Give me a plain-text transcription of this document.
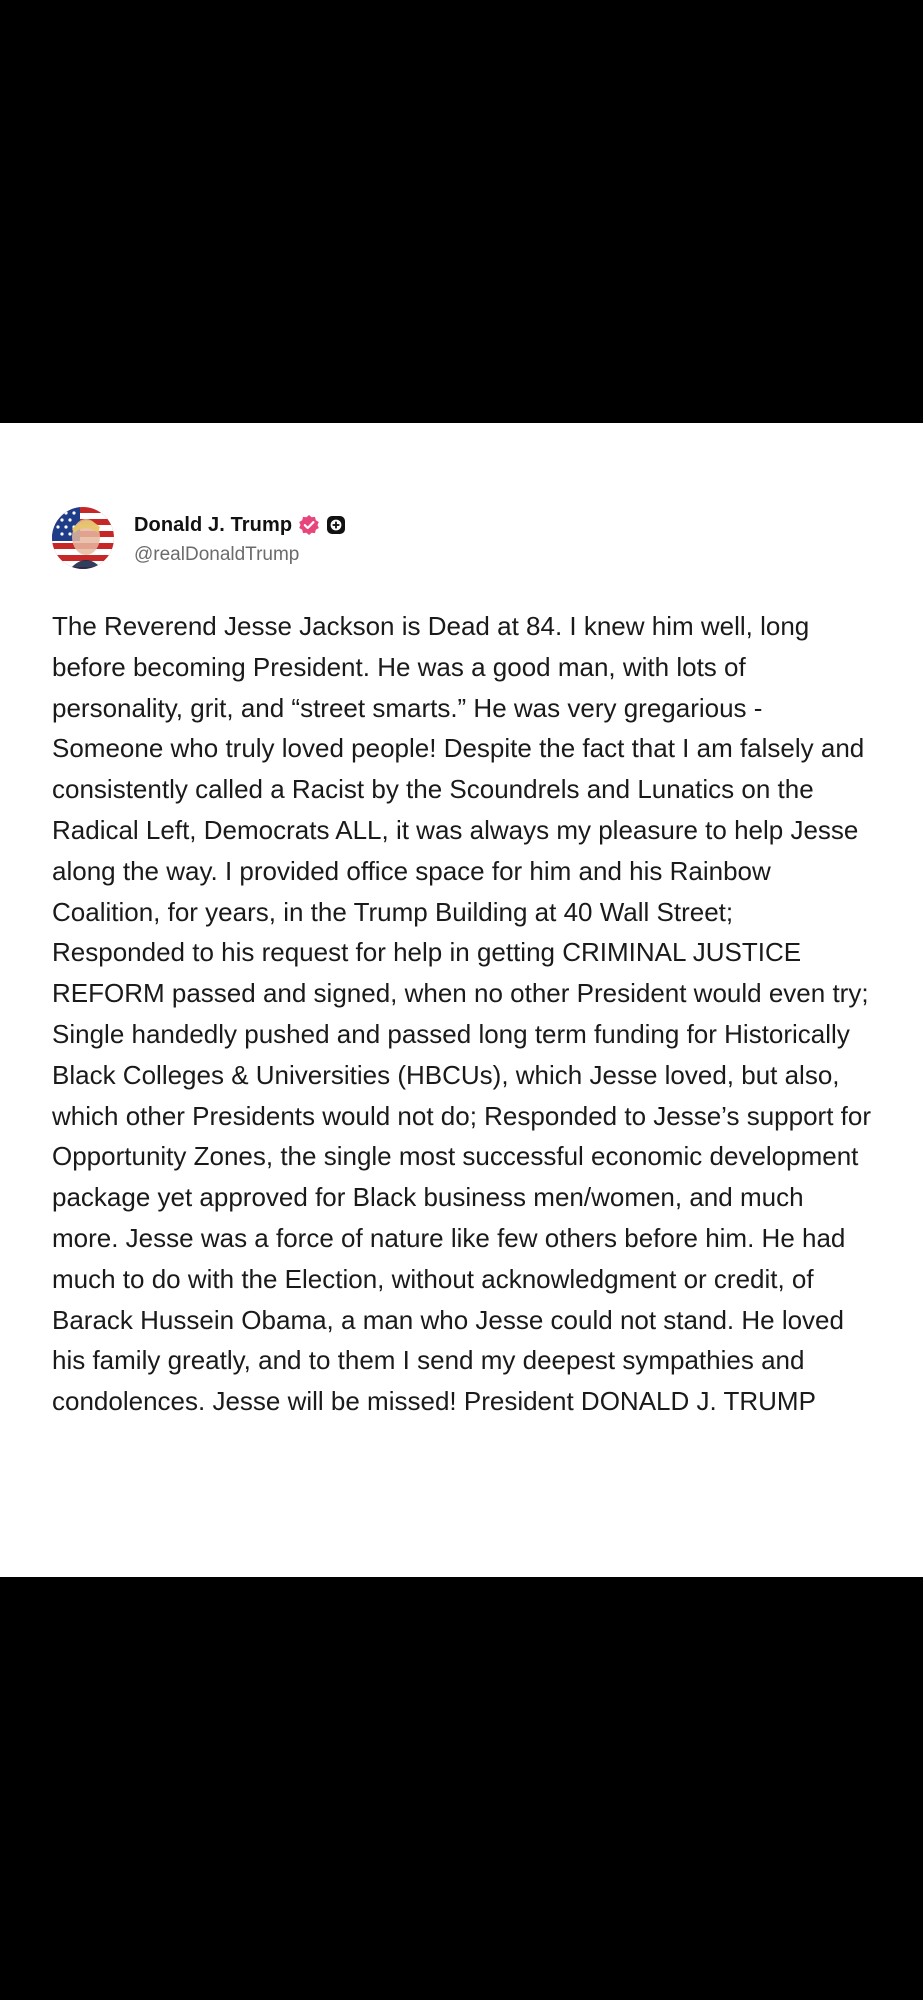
Donald J. Trump
@realDonaldTrump

The Reverend Jesse Jackson is Dead at 84. I knew him well, long before becoming President. He was a good man, with lots of personality, grit, and “street smarts.” He was very gregarious - Someone who truly loved people! Despite the fact that I am falsely and consistently called a Racist by the Scoundrels and Lunatics on the Radical Left, Democrats ALL, it was always my pleasure to help Jesse along the way. I provided office space for him and his Rainbow Coalition, for years, in the Trump Building at 40 Wall Street; Responded to his request for help in getting CRIMINAL JUSTICE REFORM passed and signed, when no other President would even try; Single handedly pushed and passed long term funding for Historically Black Colleges & Universities (HBCUs), which Jesse loved, but also, which other Presidents would not do; Responded to Jesse’s support for Opportunity Zones, the single most successful economic development package yet approved for Black business men/women, and much more. Jesse was a force of nature like few others before him. He had much to do with the Election, without acknowledgment or credit, of Barack Hussein Obama, a man who Jesse could not stand. He loved his family greatly, and to them I send my deepest sympathies and condolences. Jesse will be missed! President DONALD J. TRUMP
